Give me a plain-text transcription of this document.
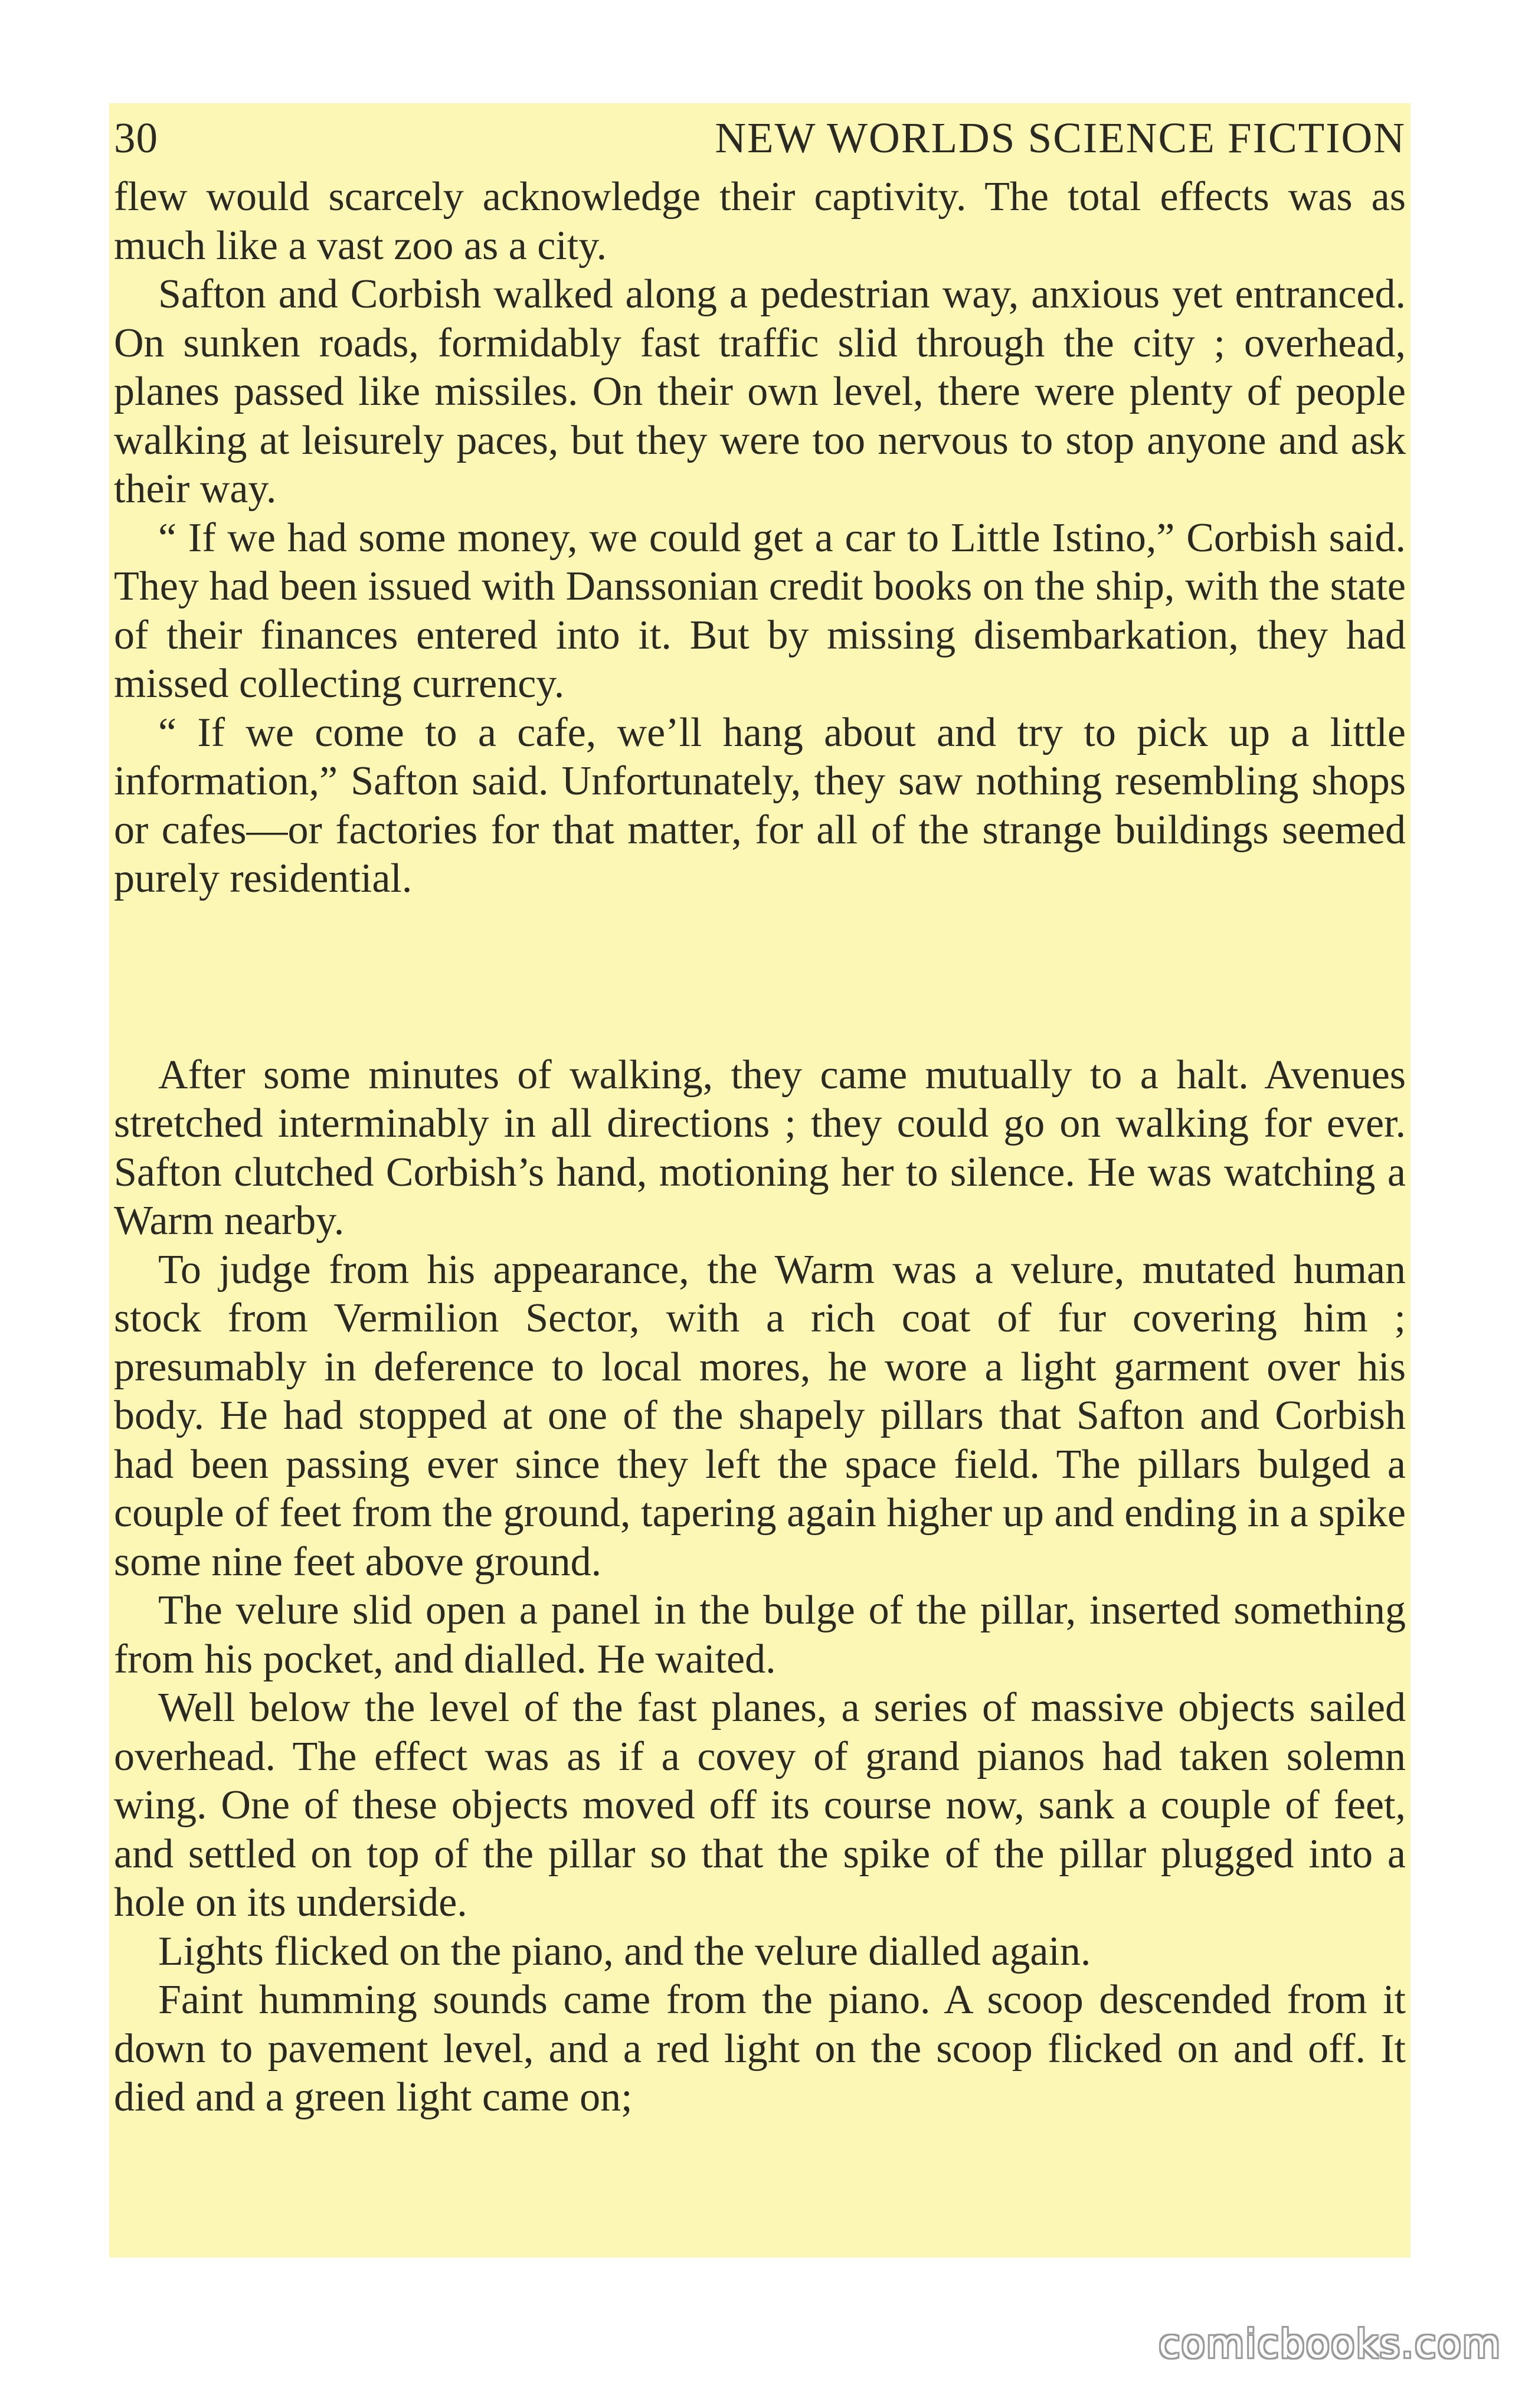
30	NEW WORLDS SCIENCE FICTION

flew would scarcely acknowledge their captivity. The total effects was as much like a vast zoo as a city.

Safton and Corbish walked along a pedestrian way, anxious yet entranced. On sunken roads, formidably fast traffic slid through the city ; overhead, planes passed like missiles. On their own level, there were plenty of people walking at leisurely paces, but they were too nervous to stop anyone and ask their way.

“ If we had some money, we could get a car to Little Istino,” Corbish said. They had been issued with Danssonian credit books on the ship, with the state of their finances entered into it. But by missing disembarkation, they had missed collecting currency.

“ If we come to a cafe, we’ll hang about and try to pick up a little information,” Safton said. Unfortunately, they saw nothing resembling shops or cafes—or factories for that matter, for all of the strange buildings seemed purely residential.

After some minutes of walking, they came mutually to a halt. Avenues stretched interminably in all directions ; they could go on walking for ever. Safton clutched Corbish’s hand, motioning her to silence. He was watching a Warm nearby.

To judge from his appearance, the Warm was a velure, mutated human stock from Vermilion Sector, with a rich coat of fur covering him ; presumably in deference to local mores, he wore a light garment over his body. He had stopped at one of the shapely pillars that Safton and Corbish had been passing ever since they left the space field. The pillars bulged a couple of feet from the ground, tapering again higher up and ending in a spike some nine feet above ground.

The velure slid open a panel in the bulge of the pillar, inserted something from his pocket, and dialled. He waited.

Well below the level of the fast planes, a series of massive objects sailed overhead. The effect was as if a covey of grand pianos had taken solemn wing. One of these objects moved off its course now, sank a couple of feet, and settled on top of the pillar so that the spike of the pillar plugged into a hole on its underside.

Lights flicked on the piano, and the velure dialled again.

Faint humming sounds came from the piano. A scoop descended from it down to pavement level, and a red light on the scoop flicked on and off. It died and a green light came on;

comicbooks.com
